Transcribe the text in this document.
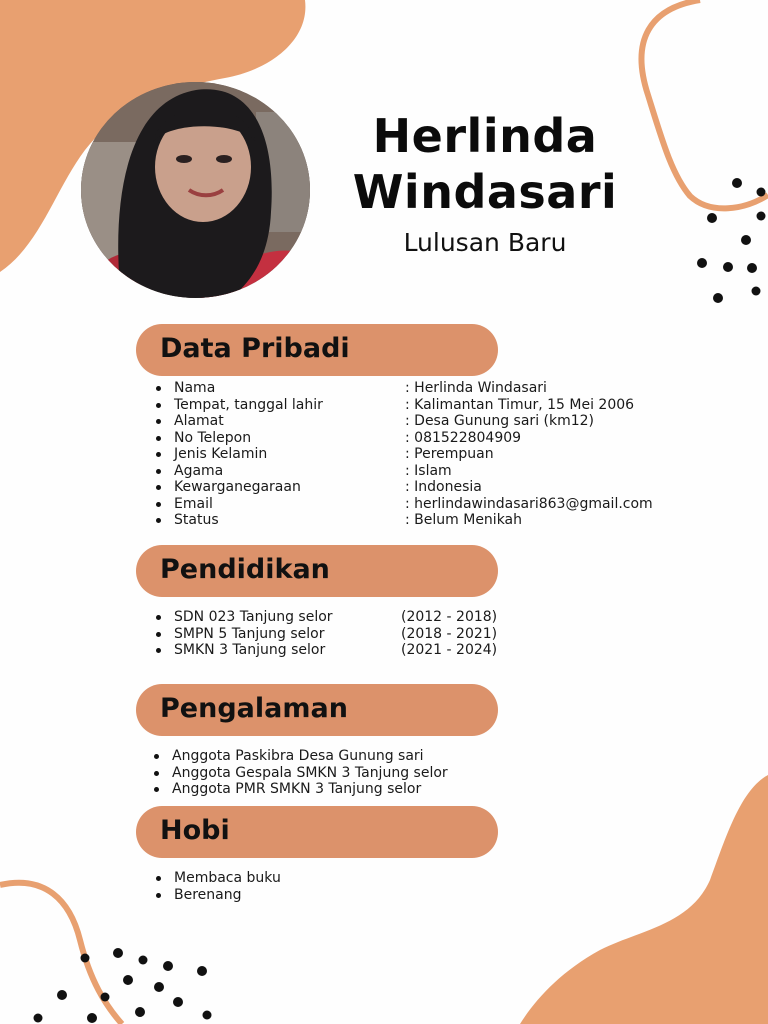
Herlinda
Windasari
Lulusan Baru
Data Pribadi
Nama	: Herlinda Windasari
Tempat, tanggal lahir	: Kalimantan Timur, 15 Mei 2006
Alamat	: Desa Gunung sari (km12)
No Telepon	: 081522804909
Jenis Kelamin	: Perempuan
Agama	: Islam
Kewarganegaraan	: Indonesia
Email	: herlindawindasari863@gmail.com
Status	: Belum Menikah
Pendidikan
SDN 023 Tanjung selor	(2012 - 2018)
SMPN 5 Tanjung selor	(2018 - 2021)
SMKN 3 Tanjung selor	(2021 - 2024)
Pengalaman
Anggota Paskibra Desa Gunung sari
Anggota Gespala SMKN 3 Tanjung selor
Anggota PMR SMKN 3 Tanjung selor
Hobi
Membaca buku
Berenang
